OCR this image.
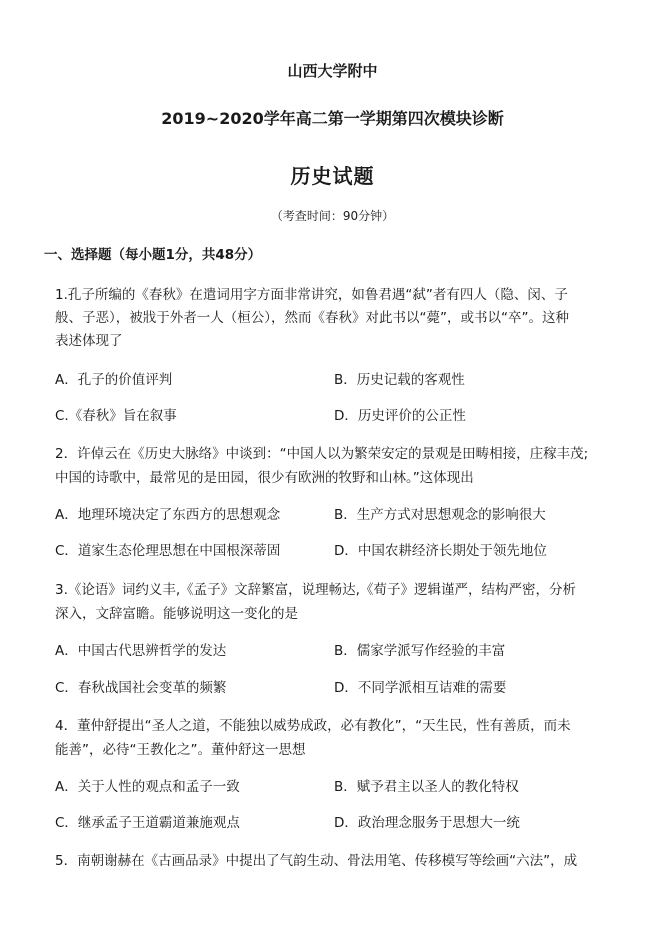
山西大学附中
2019~2020学年高二第一学期第四次模块诊断
历史试题
（考查时间：90分钟）
一、选择题（每小题1分，共48分）
1.孔子所编的《春秋》在遣词用字方面非常讲究，如鲁君遇“弑”者有四人（隐、闵、子
般、子恶），被戕于外者一人（桓公），然而《春秋》对此书以“薨”，或书以“卒”。这种
表述体现了
A．孔子的价值评判	B．历史记载的客观性
C.《春秋》旨在叙事	D．历史评价的公正性
2．许倬云在《历史大脉络》中谈到：“中国人以为繁荣安定的景观是田畴相接，庄稼丰茂;
中国的诗歌中，最常见的是田园，很少有欧洲的牧野和山林。”这体现出
A．地理环境决定了东西方的思想观念	B．生产方式对思想观念的影响很大
C．道家生态伦理思想在中国根深蒂固	D．中国农耕经济长期处于领先地位
3.《论语》词约义丰,《孟子》文辞繁富，说理畅达,《荀子》逻辑谨严，结构严密，分析
深入，文辞富瞻。能够说明这一变化的是
A．中国古代思辨哲学的发达	B．儒家学派写作经验的丰富
C．春秋战国社会变革的频繁	D．不同学派相互诘难的需要
4．董仲舒提出“圣人之道，不能独以威势成政，必有教化”，“天生民，性有善质，而未
能善”，必待“王教化之”。董仲舒这一思想
A．关于人性的观点和孟子一致	B．赋予君主以圣人的教化特权
C．继承孟子王道霸道兼施观点	D．政治理念服务于思想大一统
5．南朝谢赫在《古画品录》中提出了气韵生动、骨法用笔、传移模写等绘画“六法”，成
